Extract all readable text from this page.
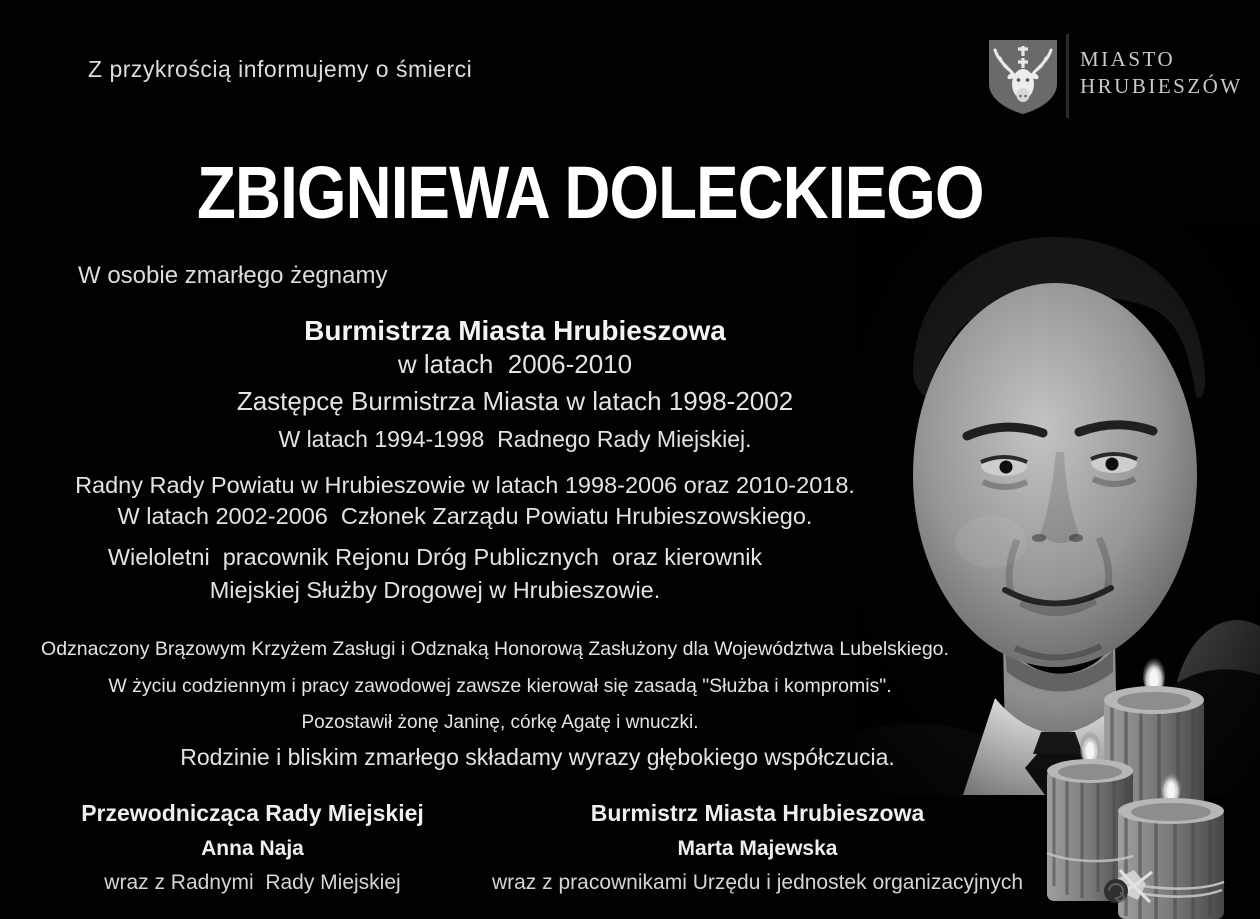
Z przykrością informujemy o śmierci	MIASTO
HRUBIESZÓW
ZBIGNIEWA DOLECKIEGO
W osobie zmarłego żegnamy
Burmistrza Miasta Hrubieszowa
w latach  2006-2010
Zastępcę Burmistrza Miasta w latach 1998-2002
W latach 1994-1998  Radnego Rady Miejskiej.
Radny Rady Powiatu w Hrubieszowie w latach 1998-2006 oraz 2010-2018.
W latach 2002-2006  Członek Zarządu Powiatu Hrubieszowskiego.
Wieloletni  pracownik Rejonu Dróg Publicznych  oraz kierownik
Miejskiej Służby Drogowej w Hrubieszowie.
Odznaczony Brązowym Krzyżem Zasługi i Odznaką Honorową Zasłużony dla Województwa Lubelskiego.
W życiu codziennym i pracy zawodowej zawsze kierował się zasadą "Służba i kompromis".
Pozostawił żonę Janinę, córkę Agatę i wnuczki.
Rodzinie i bliskim zmarłego składamy wyrazy głębokiego współczucia.
Przewodnicząca Rady Miejskiej
Anna Naja
wraz z Radnymi  Rady Miejskiej
Burmistrz Miasta Hrubieszowa
Marta Majewska
wraz z pracownikami Urzędu i jednostek organizacyjnych
